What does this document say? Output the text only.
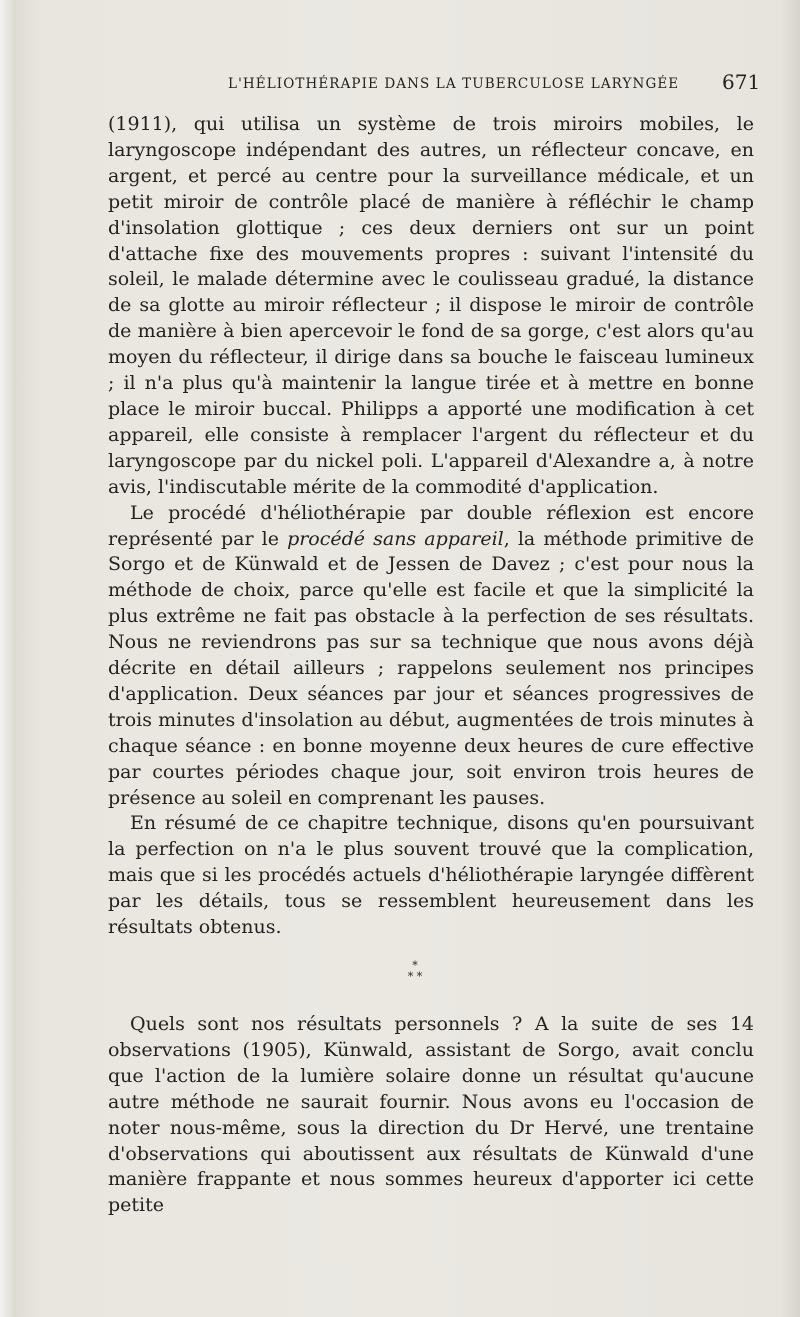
L'HÉLIOTHÉRAPIE DANS LA TUBERCULOSE LARYNGÉE 671

(1911), qui utilisa un système de trois miroirs mobiles, le laryngoscope indépendant des autres, un réflecteur concave, en argent, et percé au centre pour la surveillance médicale, et un petit miroir de contrôle placé de manière à réfléchir le champ d'insolation glottique ; ces deux derniers ont sur un point d'attache fixe des mouvements propres : suivant l'intensité du soleil, le malade détermine avec le coulisseau gradué, la distance de sa glotte au miroir réflecteur ; il dispose le miroir de contrôle de manière à bien apercevoir le fond de sa gorge, c'est alors qu'au moyen du réflecteur, il dirige dans sa bouche le faisceau lumineux ; il n'a plus qu'à maintenir la langue tirée et à mettre en bonne place le miroir buccal. Philipps a apporté une modification à cet appareil, elle consiste à remplacer l'argent du réflecteur et du laryngoscope par du nickel poli. L'appareil d'Alexandre a, à notre avis, l'indiscutable mérite de la commodité d'application.

Le procédé d'héliothérapie par double réflexion est encore représenté par le procédé sans appareil, la méthode primitive de Sorgo et de Künwald et de Jessen de Davez ; c'est pour nous la méthode de choix, parce qu'elle est facile et que la simplicité la plus extrême ne fait pas obstacle à la perfection de ses résultats. Nous ne reviendrons pas sur sa technique que nous avons déjà décrite en détail ailleurs ; rappelons seulement nos principes d'application. Deux séances par jour et séances progressives de trois minutes d'insolation au début, augmentées de trois minutes à chaque séance : en bonne moyenne deux heures de cure effective par courtes périodes chaque jour, soit environ trois heures de présence au soleil en comprenant les pauses.

En résumé de ce chapitre technique, disons qu'en poursuivant la perfection on n'a le plus souvent trouvé que la complication, mais que si les procédés actuels d'héliothérapie laryngée diffèrent par les détails, tous se ressemblent heureusement dans les résultats obtenus.

*
* *

Quels sont nos résultats personnels ? A la suite de ses 14 observations (1905), Künwald, assistant de Sorgo, avait conclu que l'action de la lumière solaire donne un résultat qu'aucune autre méthode ne saurait fournir. Nous avons eu l'occasion de noter nous-même, sous la direction du Dr Hervé, une trentaine d'observations qui aboutissent aux résultats de Künwald d'une manière frappante et nous sommes heureux d'apporter ici cette petite
